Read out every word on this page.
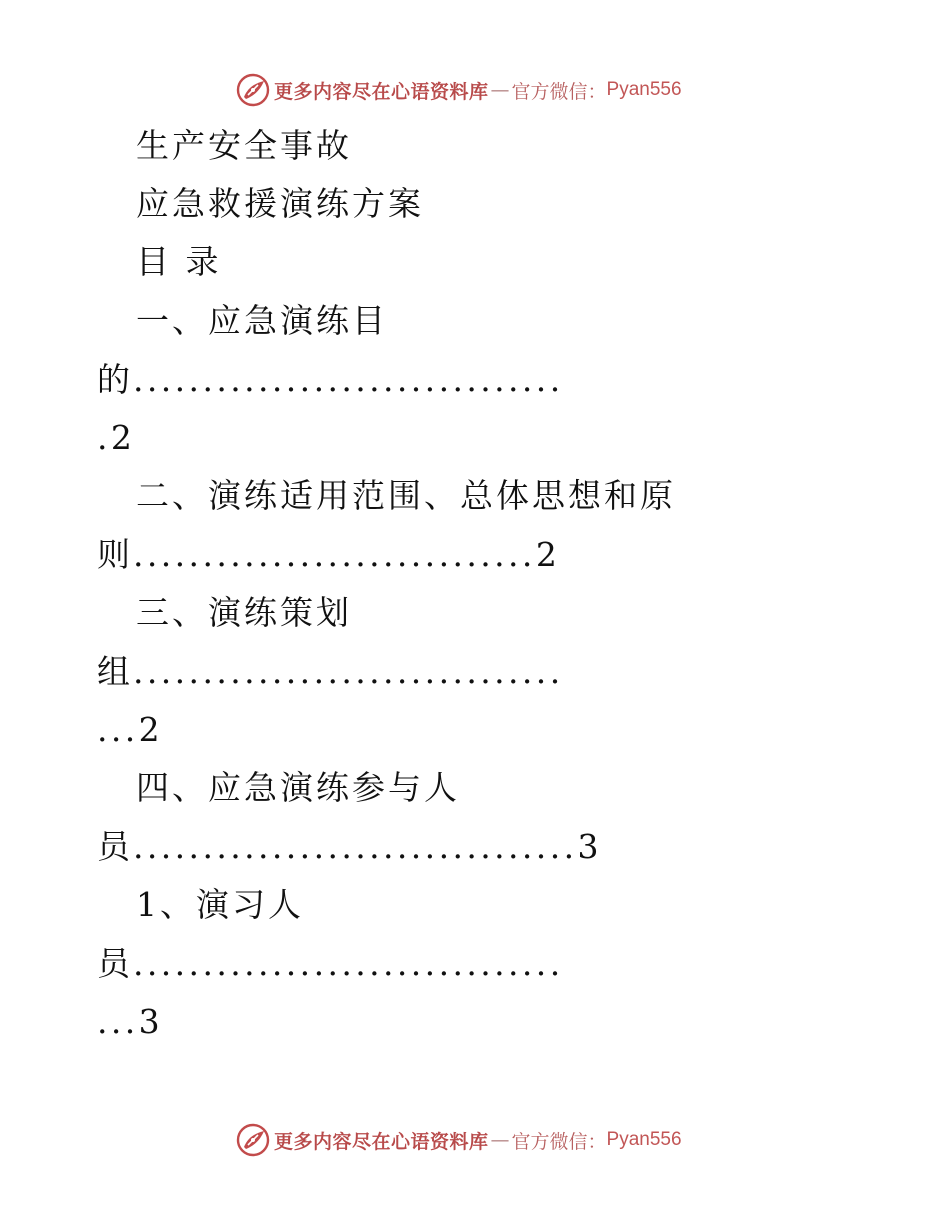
更多内容尽在心语资料库 — 官方微信： Pyan556
生产安全事故
应急救援演练方案
目 录
一、应急演练目
的...............................
.2
二、演练适用范围、总体思想和原
则.............................2
三、演练策划
组...............................
...2
四、应急演练参与人
员................................3
1、演习人
员...............................
...3
更多内容尽在心语资料库 — 官方微信： Pyan556
